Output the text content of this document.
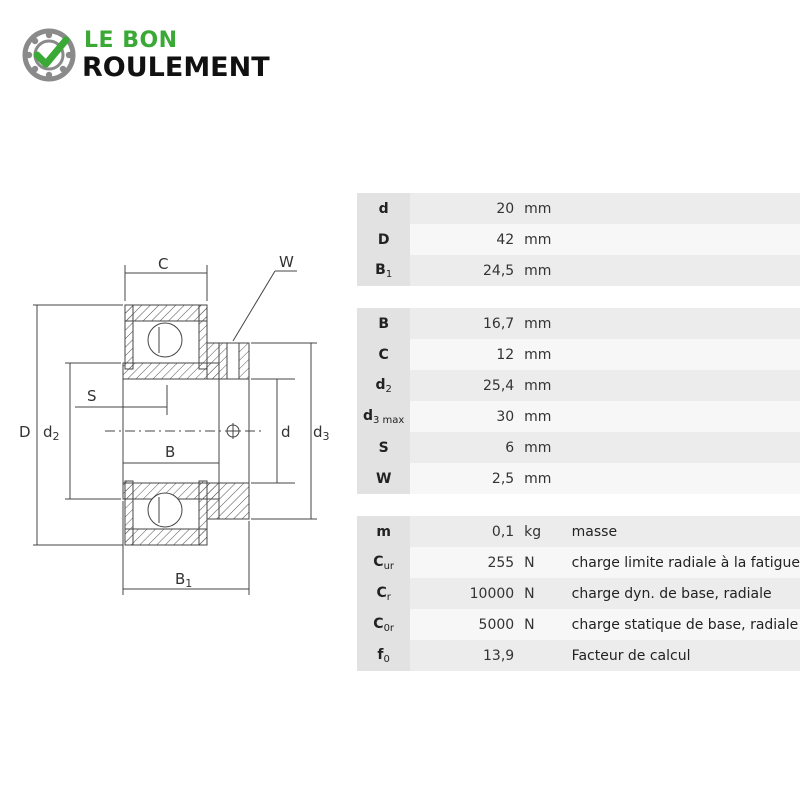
LE BON
ROULEMENT
C	W
D $d_2$
S
B
d $d_3$
$B_1$
d	20	mm	
D	42	mm	
$B_1$	24,5	mm	

B	16,7	mm	
C	12	mm	
$d_2$	25,4	mm	
$d_{3 max}$	30	mm	
S	6	mm	
W	2,5	mm	

m	0,1	kg	masse
$C_{ur}$	255	N	charge limite radiale à la fatigue
$C_r$	10000	N	charge dyn. de base, radiale
$C_{0r}$	5000	N	charge statique de base, radiale
$f_0$	13,9		Facteur de calcul
